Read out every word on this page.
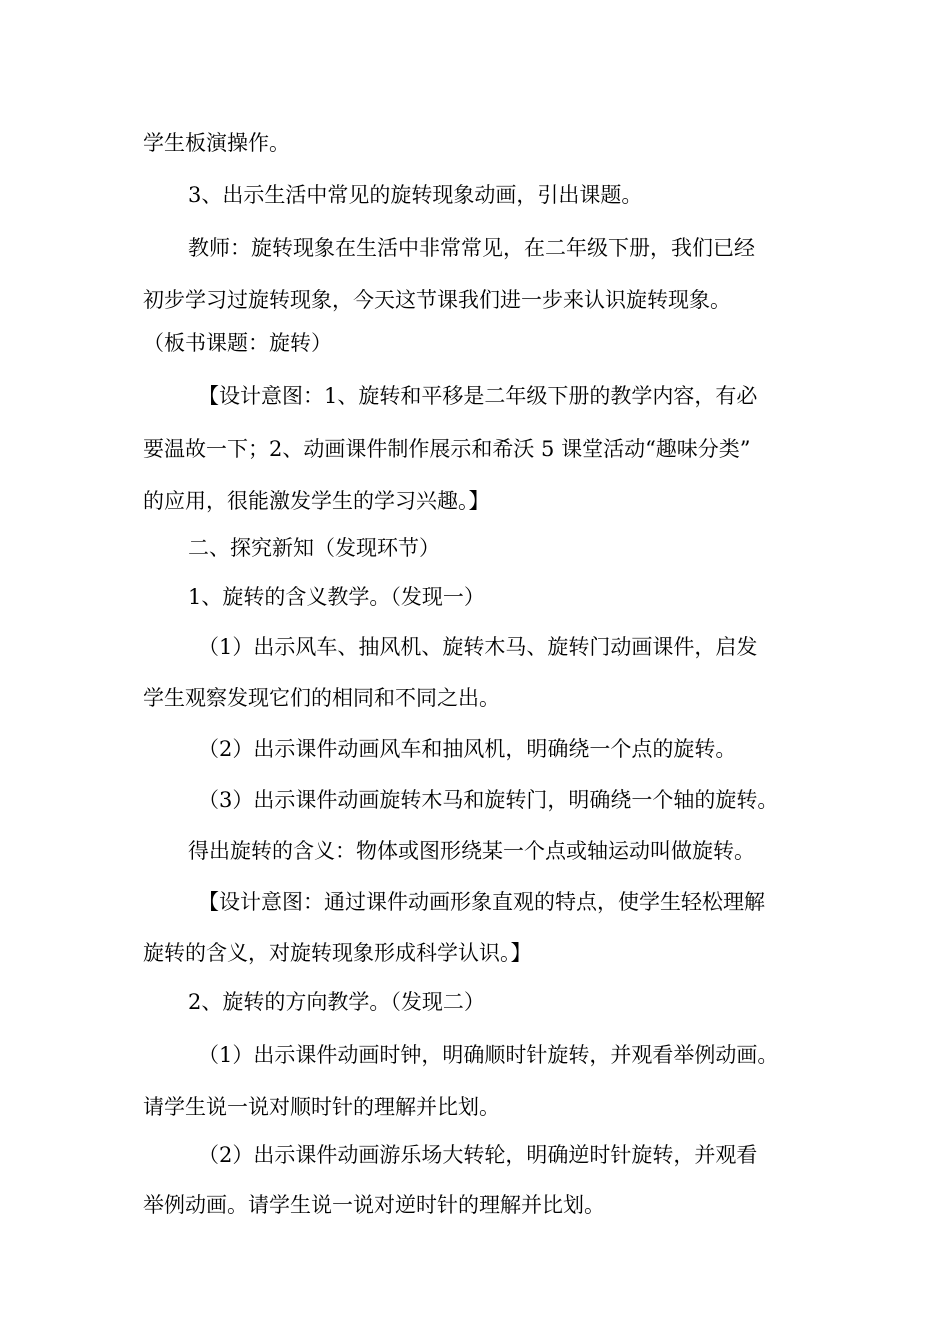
学生板演操作。
3、出示生活中常见的旋转现象动画，引出课题。
教师：旋转现象在生活中非常常见，在二年级下册，我们已经
初步学习过旋转现象，今天这节课我们进一步来认识旋转现象。
（板书课题：旋转）
【设计意图：1、旋转和平移是二年级下册的教学内容，有必
要温故一下；2、动画课件制作展示和希沃 5 课堂活动“趣味分类”
的应用，很能激发学生的学习兴趣。】
二、探究新知（发现环节）
1、旋转的含义教学。（发现一）
（1）出示风车、抽风机、旋转木马、旋转门动画课件，启发
学生观察发现它们的相同和不同之出。
（2）出示课件动画风车和抽风机，明确绕一个点的旋转。
（3）出示课件动画旋转木马和旋转门，明确绕一个轴的旋转。
得出旋转的含义：物体或图形绕某一个点或轴运动叫做旋转。
【设计意图：通过课件动画形象直观的特点，使学生轻松理解
旋转的含义，对旋转现象形成科学认识。】
2、旋转的方向教学。（发现二）
（1）出示课件动画时钟，明确顺时针旋转，并观看举例动画。
请学生说一说对顺时针的理解并比划。
（2）出示课件动画游乐场大转轮，明确逆时针旋转，并观看
举例动画。请学生说一说对逆时针的理解并比划。
